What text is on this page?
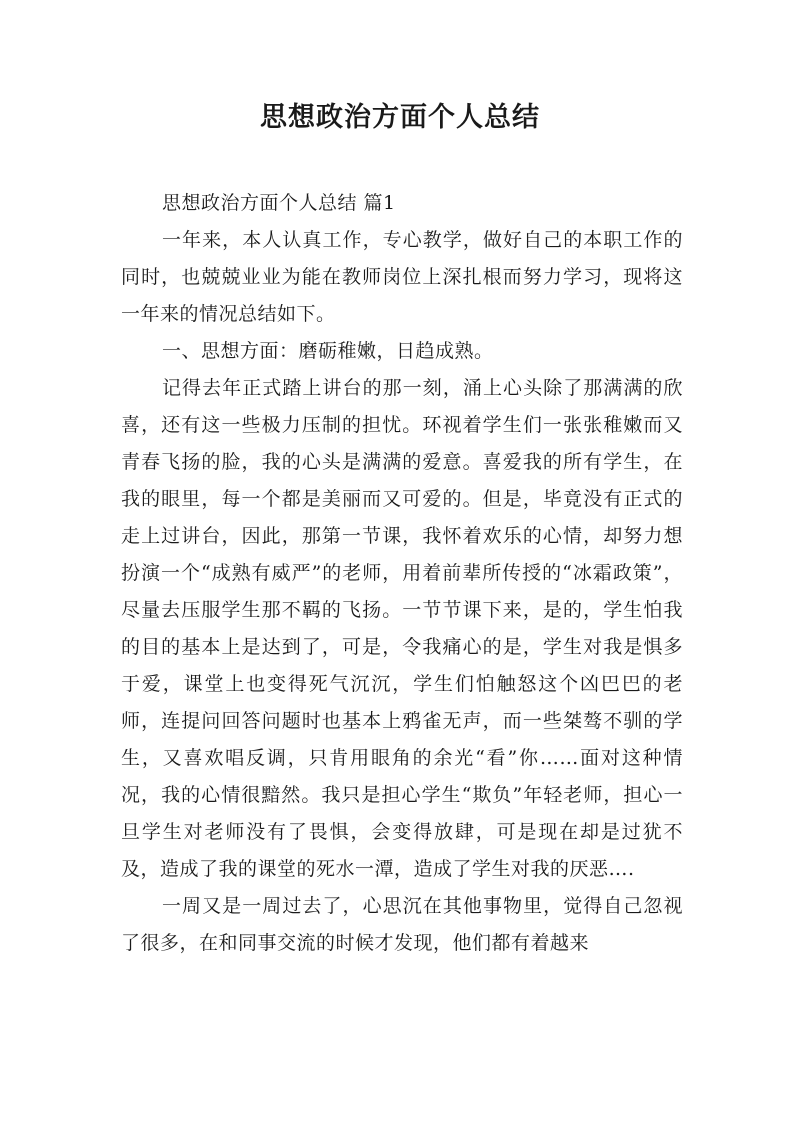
思想政治方面个人总结

思想政治方面个人总结 篇1

一年来，本人认真工作，专心教学，做好自己的本职工作的同时，也兢兢业业为能在教师岗位上深扎根而努力学习，现将这一年来的情况总结如下。

一、思想方面：磨砺稚嫩，日趋成熟。

记得去年正式踏上讲台的那一刻，涌上心头除了那满满的欣喜，还有这一些极力压制的担忧。环视着学生们一张张稚嫩而又青春飞扬的脸，我的心头是满满的爱意。喜爱我的所有学生，在我的眼里，每一个都是美丽而又可爱的。但是，毕竟没有正式的走上过讲台，因此，那第一节课，我怀着欢乐的心情，却努力想扮演一个“成熟有威严”的老师，用着前辈所传授的“冰霜政策”，尽量去压服学生那不羁的飞扬。一节节课下来，是的，学生怕我的目的基本上是达到了，可是，令我痛心的是，学生对我是惧多于爱，课堂上也变得死气沉沉，学生们怕触怒这个凶巴巴的老师，连提问回答问题时也基本上鸦雀无声，而一些桀骜不驯的学生，又喜欢唱反调，只肯用眼角的余光“看”你……面对这种情况，我的心情很黯然。我只是担心学生“欺负”年轻老师，担心一旦学生对老师没有了畏惧，会变得放肆，可是现在却是过犹不及，造成了我的课堂的死水一潭，造成了学生对我的厌恶….

一周又是一周过去了，心思沉在其他事物里，觉得自己忽视了很多，在和同事交流的时候才发现，他们都有着越来
